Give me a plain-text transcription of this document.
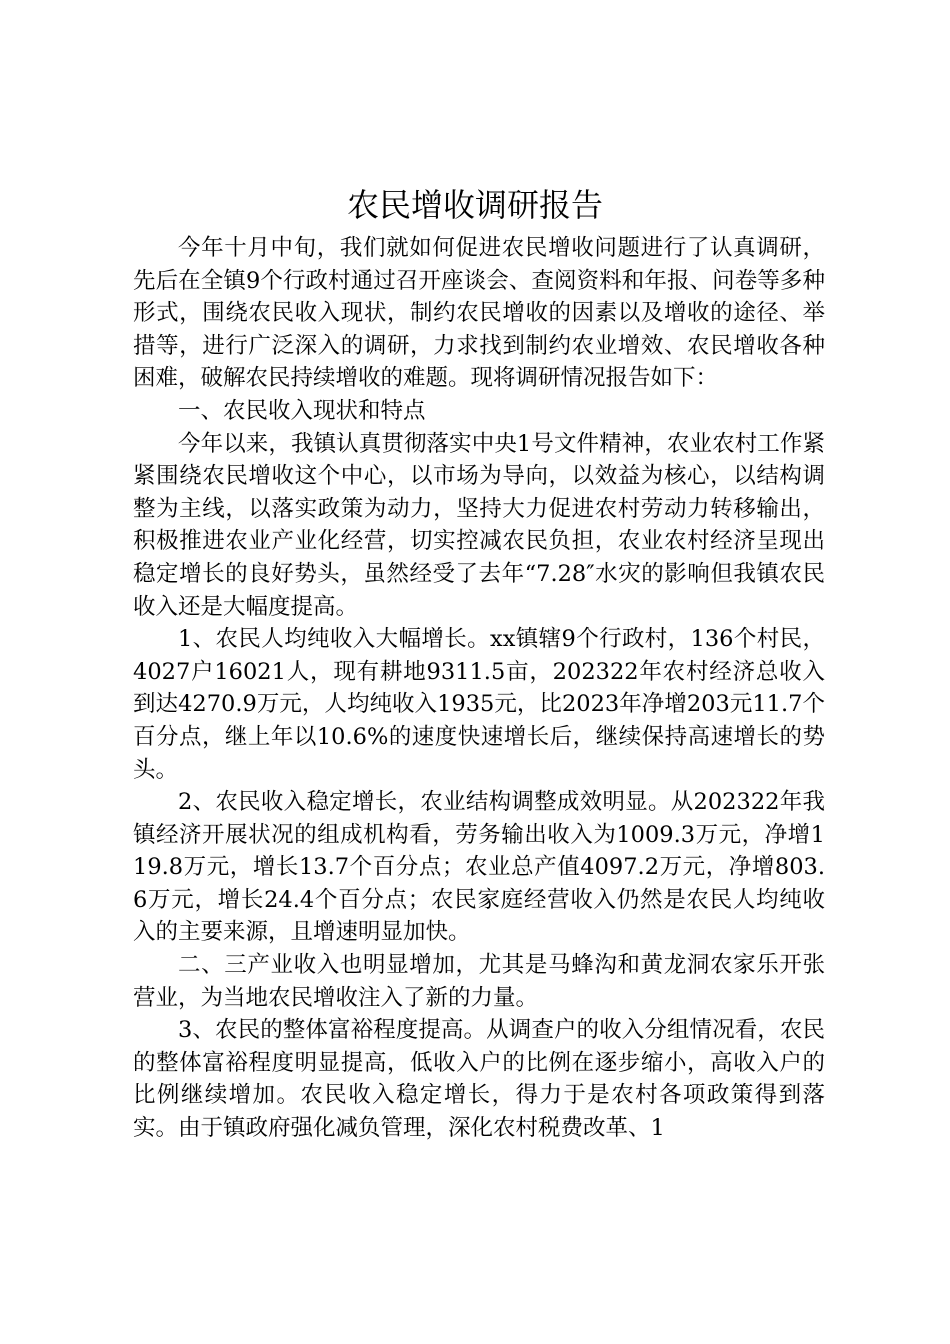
农民增收调研报告

今年十月中旬，我们就如何促进农民增收问题进行了认真调研，先后在全镇9个行政村通过召开座谈会、查阅资料和年报、问卷等多种形式，围绕农民收入现状，制约农民增收的因素以及增收的途径、举措等，进行广泛深入的调研，力求找到制约农业增效、农民增收各种困难，破解农民持续增收的难题。现将调研情况报告如下：

一、农民收入现状和特点

今年以来，我镇认真贯彻落实中央1号文件精神，农业农村工作紧紧围绕农民增收这个中心，以市场为导向，以效益为核心，以结构调整为主线，以落实政策为动力，坚持大力促进农村劳动力转移输出，积极推进农业产业化经营，切实控减农民负担，农业农村经济呈现出稳定增长的良好势头，虽然经受了去年“7.28″水灾的影响但我镇农民收入还是大幅度提高。

1、农民人均纯收入大幅增长。xx镇辖9个行政村，136个村民，4027户16021人，现有耕地9311.5亩，202322年农村经济总收入到达4270.9万元，人均纯收入1935元，比2023年净增203元11.7个百分点，继上年以10.6%的速度快速增长后，继续保持高速增长的势头。

2、农民收入稳定增长，农业结构调整成效明显。从202322年我镇经济开展状况的组成机构看，劳务输出收入为1009.3万元，净增119.8万元，增长13.7个百分点；农业总产值4097.2万元，净增803.6万元，增长24.4个百分点；农民家庭经营收入仍然是农民人均纯收入的主要来源，且增速明显加快。

二、三产业收入也明显增加，尤其是马蜂沟和黄龙洞农家乐开张营业，为当地农民增收注入了新的力量。

3、农民的整体富裕程度提高。从调查户的收入分组情况看，农民的整体富裕程度明显提高，低收入户的比例在逐步缩小，高收入户的比例继续增加。农民收入稳定增长，得力于是农村各项政策得到落实。由于镇政府强化减负管理，深化农村税费改革、1
